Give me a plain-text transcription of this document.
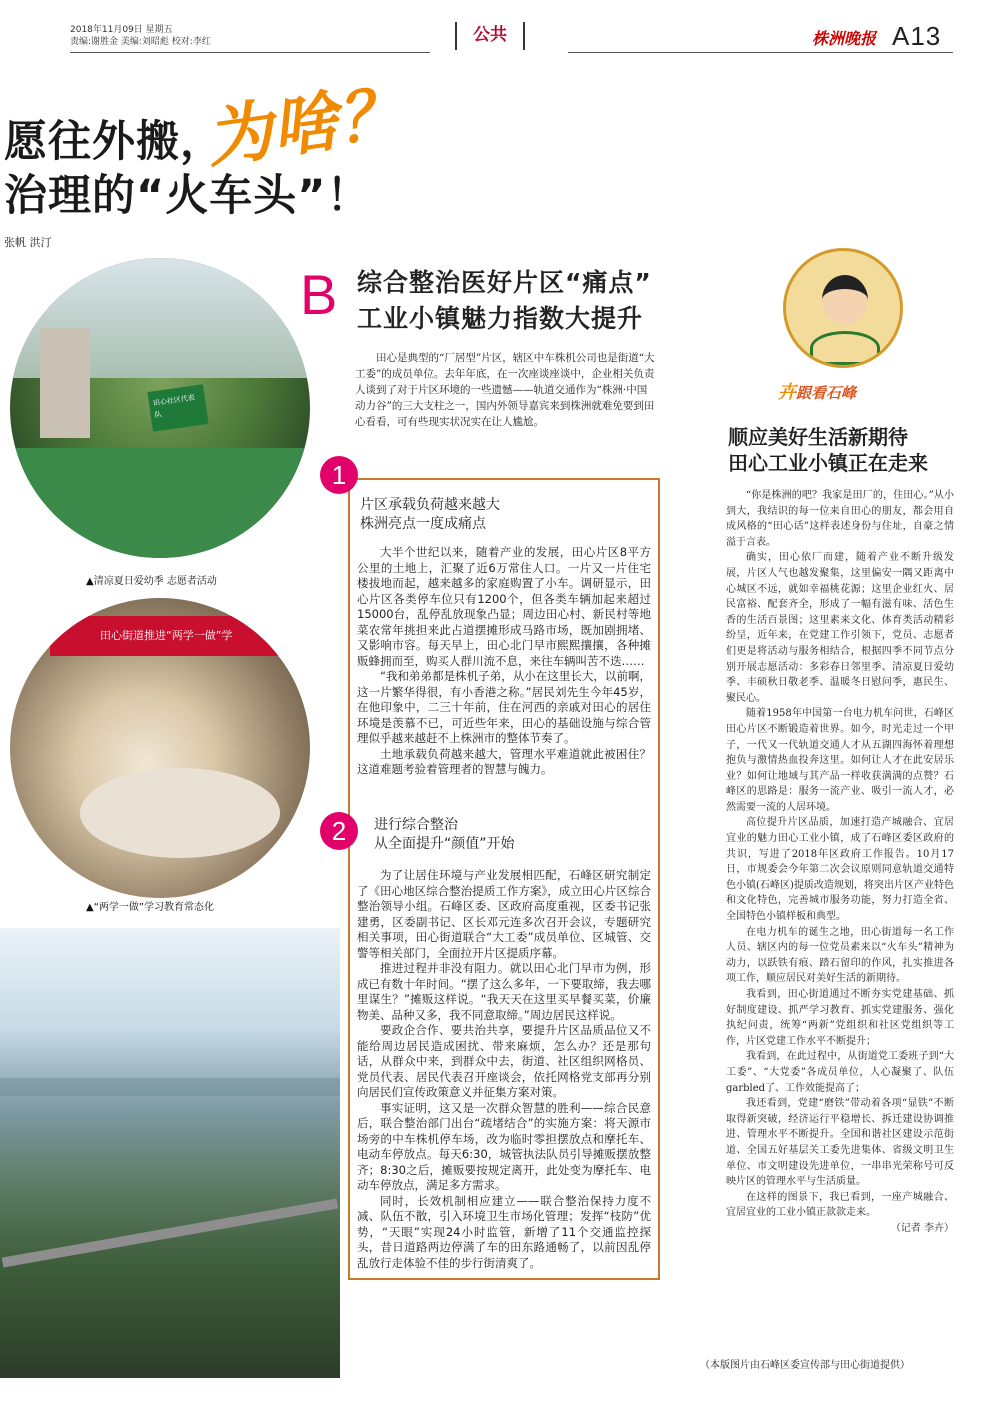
2018年11月09日 星期五
责编:谢胜金 美编:刘昭彪 校对:李红	公共	株洲晚报 A13
愿往外搬，
为啥？
治理的“火车头”！
张帆 洪汀
田心社区代表队
▲清凉夏日爱幼季 志愿者活动
田心街道推进“两学一做”学
▲“两学一做”学习教育常态化
B 综合整治医好片区“痛点”
工业小镇魅力指数大提升
田心是典型的“厂居型”片区，辖区中车株机公司也是街道“大工委”的成员单位。去年年底，在一次座谈座谈中，企业相关负责人谈到了对于片区环境的一些遗憾——轨道交通作为“株洲·中国动力谷”的三大支柱之一，国内外领导嘉宾来到株洲就难免要到田心看看，可有些现实状况实在让人尴尬。
1
片区承载负荷越来越大
株洲亮点一度成痛点

大半个世纪以来，随着产业的发展，田心片区8平方公里的土地上，汇聚了近6万常住人口。一片又一片住宅楼拔地而起，越来越多的家庭购置了小车。调研显示，田心片区各类停车位只有1200个，但各类车辆加起来超过15000台，乱停乱放现象凸显；周边田心村、新民村等地菜农常年挑担来此占道摆摊形成马路市场，既加剧拥堵、又影响市容。每天早上，田心北门早市熙熙攘攘，各种摊贩蜂拥而至，购买人群川流不息，来往车辆叫苦不迭……

“我和弟弟都是株机子弟，从小在这里长大，以前啊，这一片繁华得很，有小香港之称。”居民刘先生今年45岁，在他印象中，二三十年前，住在河西的亲戚对田心的居住环境是羡慕不已，可近些年来，田心的基础设施与综合管理似乎越来越赶不上株洲市的整体节奏了。

土地承载负荷越来越大，管理水平难道就此被困住？这道难题考验着管理者的智慧与魄力。

2	进行综合整治
从全面提升“颜值”开始

为了让居住环境与产业发展相匹配，石峰区研究制定了《田心地区综合整治提质工作方案》，成立田心片区综合整治领导小组。石峰区委、区政府高度重视，区委书记张建勇，区委副书记、区长邓元连多次召开会议，专题研究相关事项，田心街道联合“大工委”成员单位、区城管、交警等相关部门，全面拉开片区提质序幕。

推进过程并非没有阻力。就以田心北门早市为例，形成已有数十年时间。“摆了这么多年，一下要取缔，我去哪里谋生？”摊贩这样说。“我天天在这里买早餐买菜，价廉物美、品种又多，我不同意取缔。”周边居民这样说。

要政企合作、要共治共享，要提升片区品质品位又不能给周边居民造成困扰、带来麻烦，怎么办？还是那句话，从群众中来，到群众中去，街道、社区组织网格员、党员代表、居民代表召开座谈会，依托网格党支部再分别向居民们宣传政策意义并征集方案对策。

事实证明，这又是一次群众智慧的胜利——综合民意后，联合整治部门出台“疏堵结合”的实施方案：将天源市场旁的中车株机停车场，改为临时零担摆放点和摩托车、电动车停放点。每天6:30，城管执法队员引导摊贩摆放整齐；8:30之后，摊贩要按规定离开，此处变为摩托车、电动车停放点，满足多方需求。

同时，长效机制相应建立——联合整治保持力度不减、队伍不散，引入环境卫生市场化管理；发挥“枝防”优势，“天眼”实现24小时监管，新增了11个交通监控探头，昔日道路两边停满了车的田东路通畅了，以前因乱停乱放行走体验不佳的步行街清爽了。

卉跟看石峰
顺应美好生活新期待
田心工业小镇正在走来

“你是株洲的吧？我家是田厂的，住田心。”从小到大，我结识的每一位来自田心的朋友，都会用自成风格的“田心话”这样表述身份与住址，自豪之情溢于言表。

确实，田心依厂而建，随着产业不断升级发展，片区人气也越发聚集，这里偏安一隅又距离中心城区不远，就如幸福桃花源；这里企业红火、居民富裕、配套齐全，形成了一幅有滋有味、活色生香的生活百景图；这里素来文化、体育类活动精彩纷呈，近年来，在党建工作引领下，党员、志愿者们更是将活动与服务相结合，根据四季不同节点分别开展志愿活动：多彩春日邻里季、清凉夏日爱幼季、丰硕秋日敬老季、温暖冬日慰问季，惠民生、聚民心。

随着1958年中国第一台电力机车问世，石峰区田心片区不断锻造着世界。如今，时光走过一个甲子，一代又一代轨道交通人才从五湖四海怀着理想抱负与激情热血投奔这里。如何让人才在此安居乐业？如何让地域与其产品一样收获满满的点赞？石峰区的思路是：服务一流产业、吸引一流人才，必然需要一流的人居环境。

高位提升片区品质，加速打造产城融合、宜居宜业的魅力田心工业小镇，成了石峰区委区政府的共识，写进了2018年区政府工作报告。10月17日，市规委会今年第二次会议原则同意轨道交通特色小镇(石峰区)提质改造规划，将突出片区产业特色和文化特色，完善城市服务功能，努力打造全省、全国特色小镇样板和典型。

在电力机车的诞生之地，田心街道每一名工作人员、辖区内的每一位党员素来以“火车头”精神为动力，以跃铁有痕、踏石留印的作风，扎实推进各项工作，顺应居民对美好生活的新期待。

我看到，田心街道通过不断夯实党建基础、抓好制度建设、抓严学习教育、抓实党建服务、强化执纪问责，统筹“两新”党组织和社区党组织等工作，片区党建工作水平不断提升；

我看到，在此过程中，从街道党工委班子到“大工委”、“大党委”各成员单位，人心凝聚了、队伍garbled了、工作效能提高了；

我还看到，党建“磨铁”带动着各项“显铁”不断取得新突破，经济运行平稳增长、拆迁建设协调推进、管理水平不断提升。全国和谐社区建设示范街道、全国五好基层关工委先进集体、省级文明卫生单位、市文明建设先进单位，一串串光荣称号可反映片区的管理水平与生活质量。

在这样的图景下，我已看到，一座产城融合、宜居宜业的工业小镇正款款走来。

（记者 李卉）

（本版图片由石峰区委宣传部与田心街道提供）
